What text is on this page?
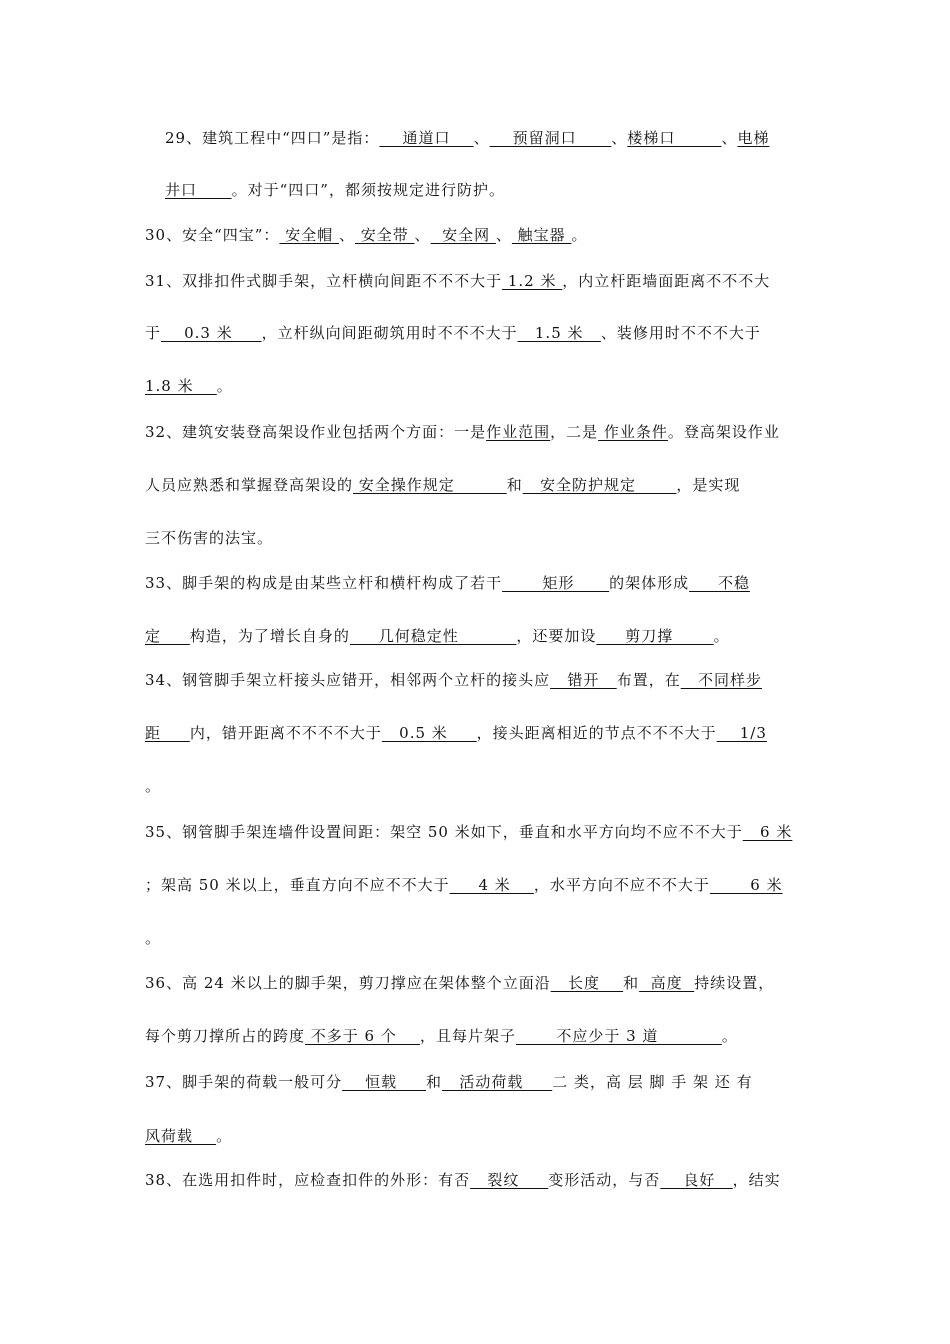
29、建筑工程中“四口”是指：    通道口    、    预留洞口      、楼梯口        、电梯
井口      。对于“四口”，都须按规定进行防护。
30、安全“四宝”： 安全帽 、 安全带 、  安全网 、 触宝器 。
31、双排扣件式脚手架，立杆横向间距不不不大于 1.2 米 ，内立杆距墙面距离不不不大
于    0.3 米     ，立杆纵向间距砌筑用时不不不大于   1.5 米   、装修用时不不不大于
1.8 米    。
32、建筑安装登高架设作业包括两个方面：一是作业范围，二是 作业条件。登高架设作业
人员应熟悉和掌握登高架设的 安全操作规定         和   安全防护规定       ，是实现
三不伤害的法宝。
33、脚手架的构成是由某些立杆和横杆构成了若干       矩形      的架体形成     不稳
定     构造，为了增长自身的     几何稳定性          ，还要加设     剪刀撑       。
34、钢管脚手架立杆接头应错开，相邻两个立杆的接头应   错开   布置，在   不同样步
距     内，错开距离不不不不大于   0.5 米     ，接头距离相近的节点不不不大于    1/3
。
35、钢管脚手架连墙件设置间距：架空 50 米如下，垂直和水平方向均不应不不大于   6 米
；架高 50 米以上，垂直方向不应不不大于     4 米    ，水平方向不应不不大于       6 米
。
36、高 24 米以上的脚手架，剪刀撑应在架体整个立面沿   长度    和  高度  持续设置，
每个剪刀撑所占的跨度 不多于 6 个    ，且每片架子       不应少于 3 道           。
37、脚手架的荷载一般可分    恒载     和   活动荷载     二 类，高 层 脚 手 架 还 有
风荷载    。
38、在选用扣件时，应检查扣件的外形：有否   裂纹     变形活动，与否    良好   ，结实
